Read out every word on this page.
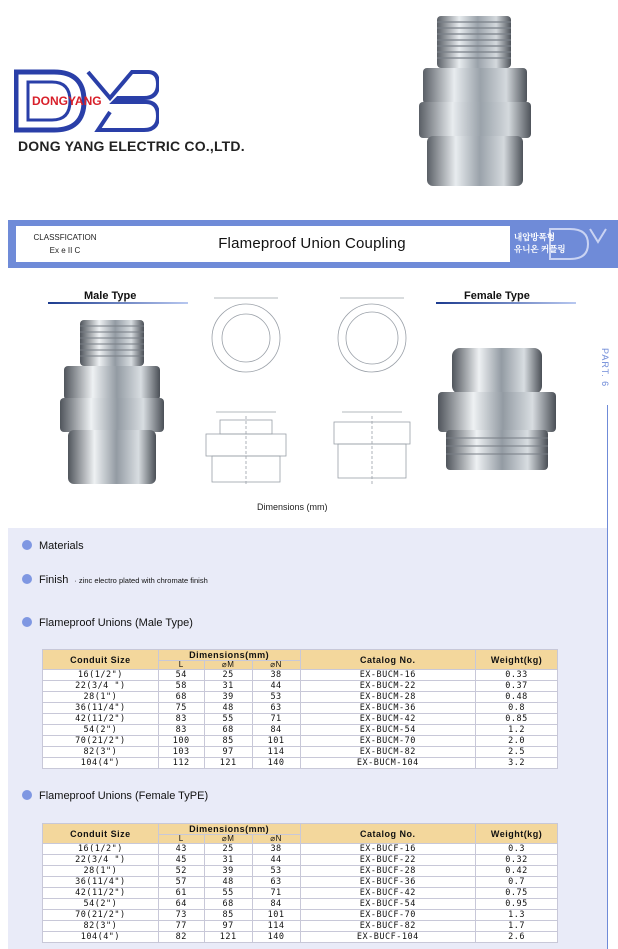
DONGYANG
DONG YANG ELECTRIC CO.,LTD.
CLASSFICATION
Ex e II C	Flameproof Union Coupling	내압방폭형
유니온 커플링
Male Type	Female Type
PART. 6
Dimensions (mm)
Materials
Finish · zinc electro plated with chromate finish
Flameproof Unions (Male Type)
Conduit Size	Dimensions(mm)			Catalog No.	Weight(kg)
	L	⌀M	⌀N		
16(1/2")	54	25	38	EX-BUCM-16	0.33
22(3/4 ")	58	31	44	EX-BUCM-22	0.37
28(1")	68	39	53	EX-BUCM-28	0.48
36(11/4")	75	48	63	EX-BUCM-36	0.8
42(11/2")	83	55	71	EX-BUCM-42	0.85
54(2")	83	68	84	EX-BUCM-54	1.2
70(21/2")	100	85	101	EX-BUCM-70	2.0
82(3")	103	97	114	EX-BUCM-82	2.5
104(4")	112	121	140	EX-BUCM-104	3.2
Flameproof Unions (Female TyPE)
Conduit Size	Dimensions(mm)			Catalog No.	Weight(kg)
	L	⌀M	⌀N		
16(1/2")	43	25	38	EX-BUCF-16	0.3
22(3/4 ")	45	31	44	EX-BUCF-22	0.32
28(1")	52	39	53	EX-BUCF-28	0.42
36(11/4")	57	48	63	EX-BUCF-36	0.7
42(11/2")	61	55	71	EX-BUCF-42	0.75
54(2")	64	68	84	EX-BUCF-54	0.95
70(21/2")	73	85	101	EX-BUCF-70	1.3
82(3")	77	97	114	EX-BUCF-82	1.7
104(4")	82	121	140	EX-BUCF-104	2.6
